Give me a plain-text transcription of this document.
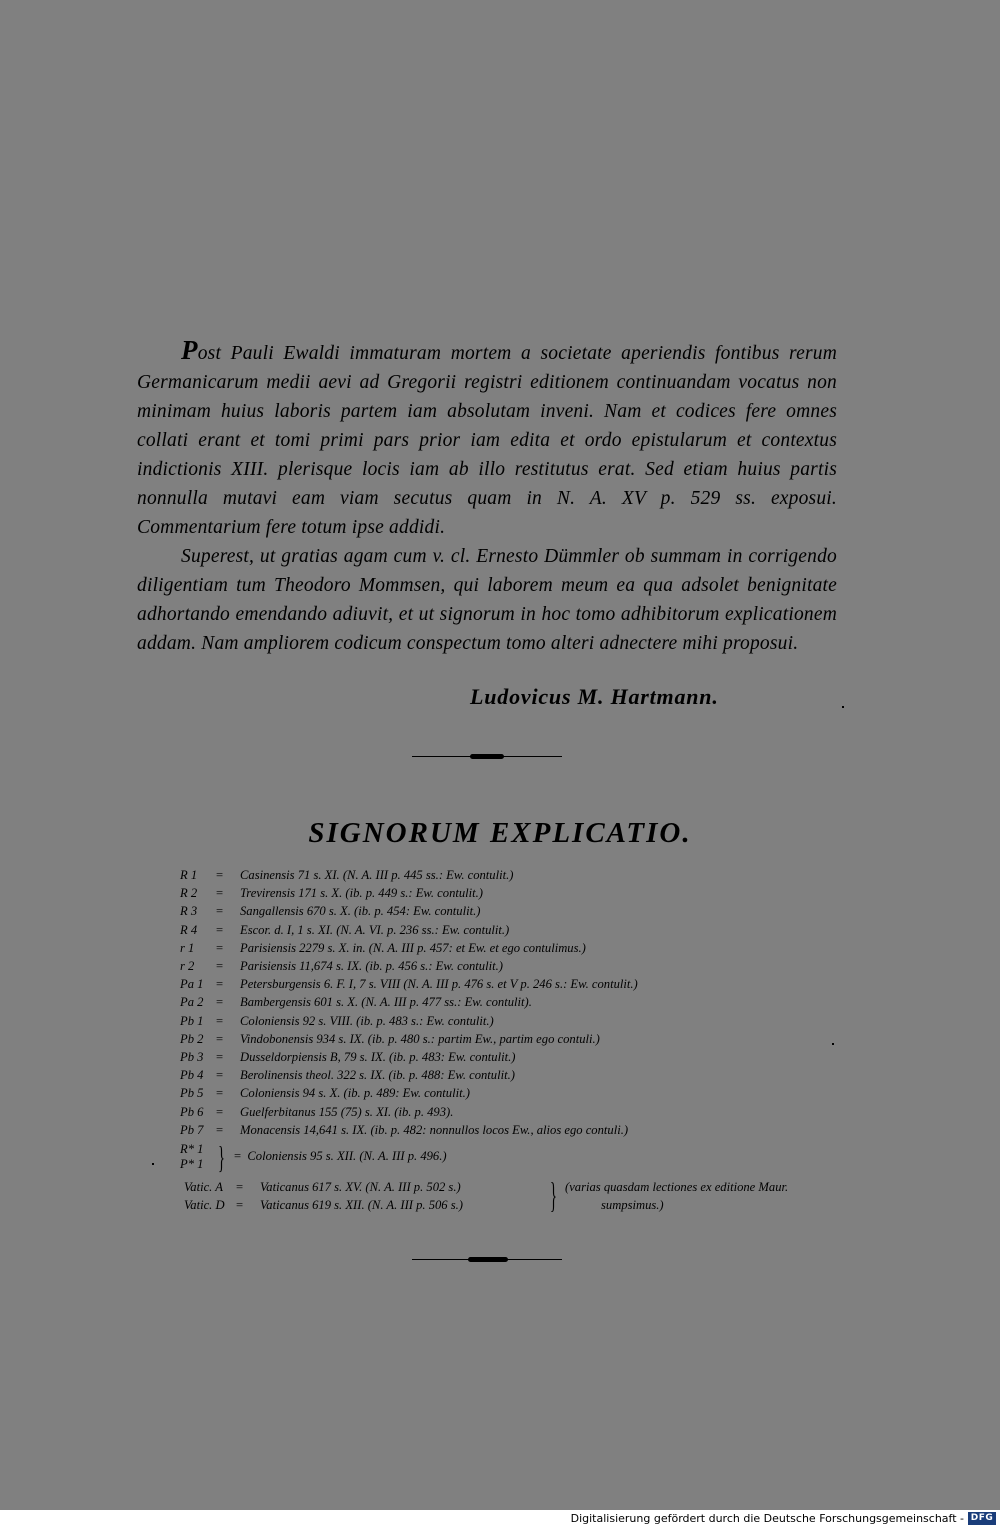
Post Pauli Ewaldi immaturam mortem a societate aperiendis fontibus rerum Germanicarum medii aevi ad Gregorii registri editionem continuandam vocatus non minimam huius laboris partem iam absolutam inveni. Nam et codices fere omnes collati erant et tomi primi pars prior iam edita et ordo epistularum et contextus indictionis XIII. plerisque locis iam ab illo restitutus erat. Sed etiam huius partis nonnulla mutavi eam viam secutus quam in N. A. XV p. 529 ss. exposui. Commentarium fere totum ipse addidi.

Superest, ut gratias agam cum v. cl. Ernesto Dümmler ob summam in corrigendo diligentiam tum Theodoro Mommsen, qui laborem meum ea qua adsolet benignitate adhortando emendando adiuvit, et ut signorum in hoc tomo adhibitorum explicationem addam. Nam ampliorem codicum conspectum tomo alteri adnectere mihi proposui.

Ludovicus M. Hartmann.
SIGNORUM EXPLICATIO.
R 1	=	Casinensis 71 s. XI. (N. A. III p. 445 ss.: Ew. contulit.)
R 2	=	Trevirensis 171 s. X. (ib. p. 449 s.: Ew. contulit.)
R 3	=	Sangallensis 670 s. X. (ib. p. 454: Ew. contulit.)
R 4	=	Escor. d. I, 1 s. XI. (N. A. VI. p. 236 ss.: Ew. contulit.)
r 1	=	Parisiensis 2279 s. X. in. (N. A. III p. 457: et Ew. et ego contulimus.)
r 2	=	Parisiensis 11,674 s. IX. (ib. p. 456 s.: Ew. contulit.)
Pa 1 =	Petersburgensis 6. F. I, 7 s. VIII (N. A. III p. 476 s. et V p. 246 s.: Ew. contulit.)
Pa 2 =	Bambergensis 601 s. X. (N. A. III p. 477 ss.: Ew. contulit).
Pb 1 =	Coloniensis 92 s. VIII. (ib. p. 483 s.: Ew. contulit.)
Pb 2 =	Vindobonensis 934 s. IX. (ib. p. 480 s.: partim Ew., partim ego contuli.)
Pb 3 =	Dusseldorpiensis B, 79 s. IX. (ib. p. 483: Ew. contulit.)
Pb 4 =	Berolinensis theol. 322 s. IX. (ib. p. 488: Ew. contulit.)
Pb 5 =	Coloniensis 94 s. X. (ib. p. 489: Ew. contulit.)
Pb 6 =	Guelferbitanus 155 (75) s. XI. (ib. p. 493).
Pb 7 =	Monacensis 14,641 s. IX. (ib. p. 482: nonnullos locos Ew., alios ego contuli.)
R* 1
P* 1 } = Coloniensis 95 s. XII. (N. A. III p. 496.)
Vatic. A = Vaticanus 617 s. XV. (N. A. III p. 502 s.)
Vatic. D = Vaticanus 619 s. XII. (N. A. III p. 506 s.) } (varias quasdam lectiones ex editione Maur.
sumpsimus.)
Digitalisierung gefördert durch die Deutsche Forschungsgemeinschaft - DFG
